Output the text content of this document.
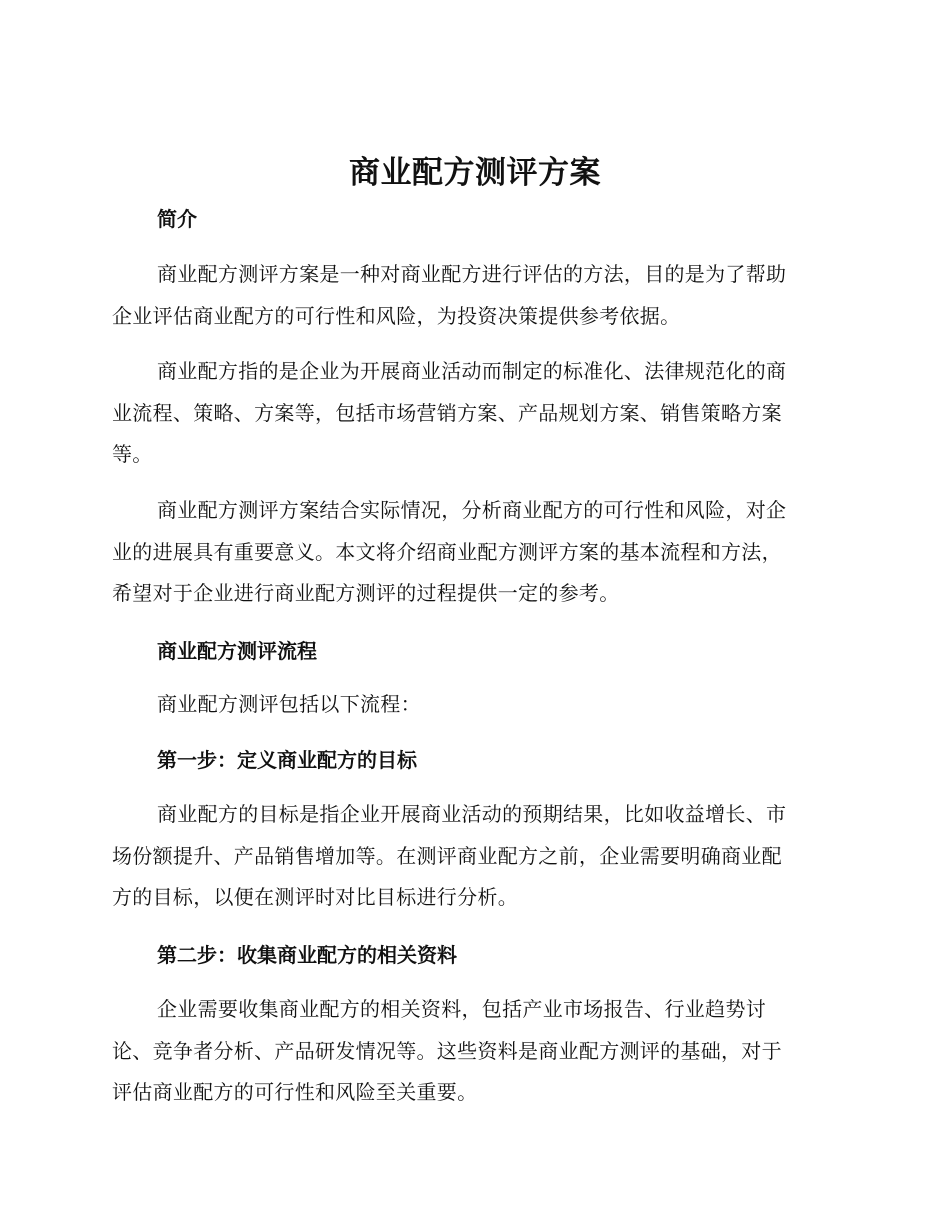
商业配方测评方案
简介

商业配方测评方案是一种对商业配方进行评估的方法，目的是为了帮助
企业评估商业配方的可行性和风险，为投资决策提供参考依据。

商业配方指的是企业为开展商业活动而制定的标准化、法律规范化的商
业流程、策略、方案等，包括市场营销方案、产品规划方案、销售策略方案
等。

商业配方测评方案结合实际情况，分析商业配方的可行性和风险，对企
业的进展具有重要意义。本文将介绍商业配方测评方案的基本流程和方法，
希望对于企业进行商业配方测评的过程提供一定的参考。

商业配方测评流程

商业配方测评包括以下流程：

第一步：定义商业配方的目标

商业配方的目标是指企业开展商业活动的预期结果，比如收益增长、市
场份额提升、产品销售增加等。在测评商业配方之前，企业需要明确商业配
方的目标，以便在测评时对比目标进行分析。

第二步：收集商业配方的相关资料

企业需要收集商业配方的相关资料，包括产业市场报告、行业趋势讨
论、竞争者分析、产品研发情况等。这些资料是商业配方测评的基础，对于
评估商业配方的可行性和风险至关重要。
